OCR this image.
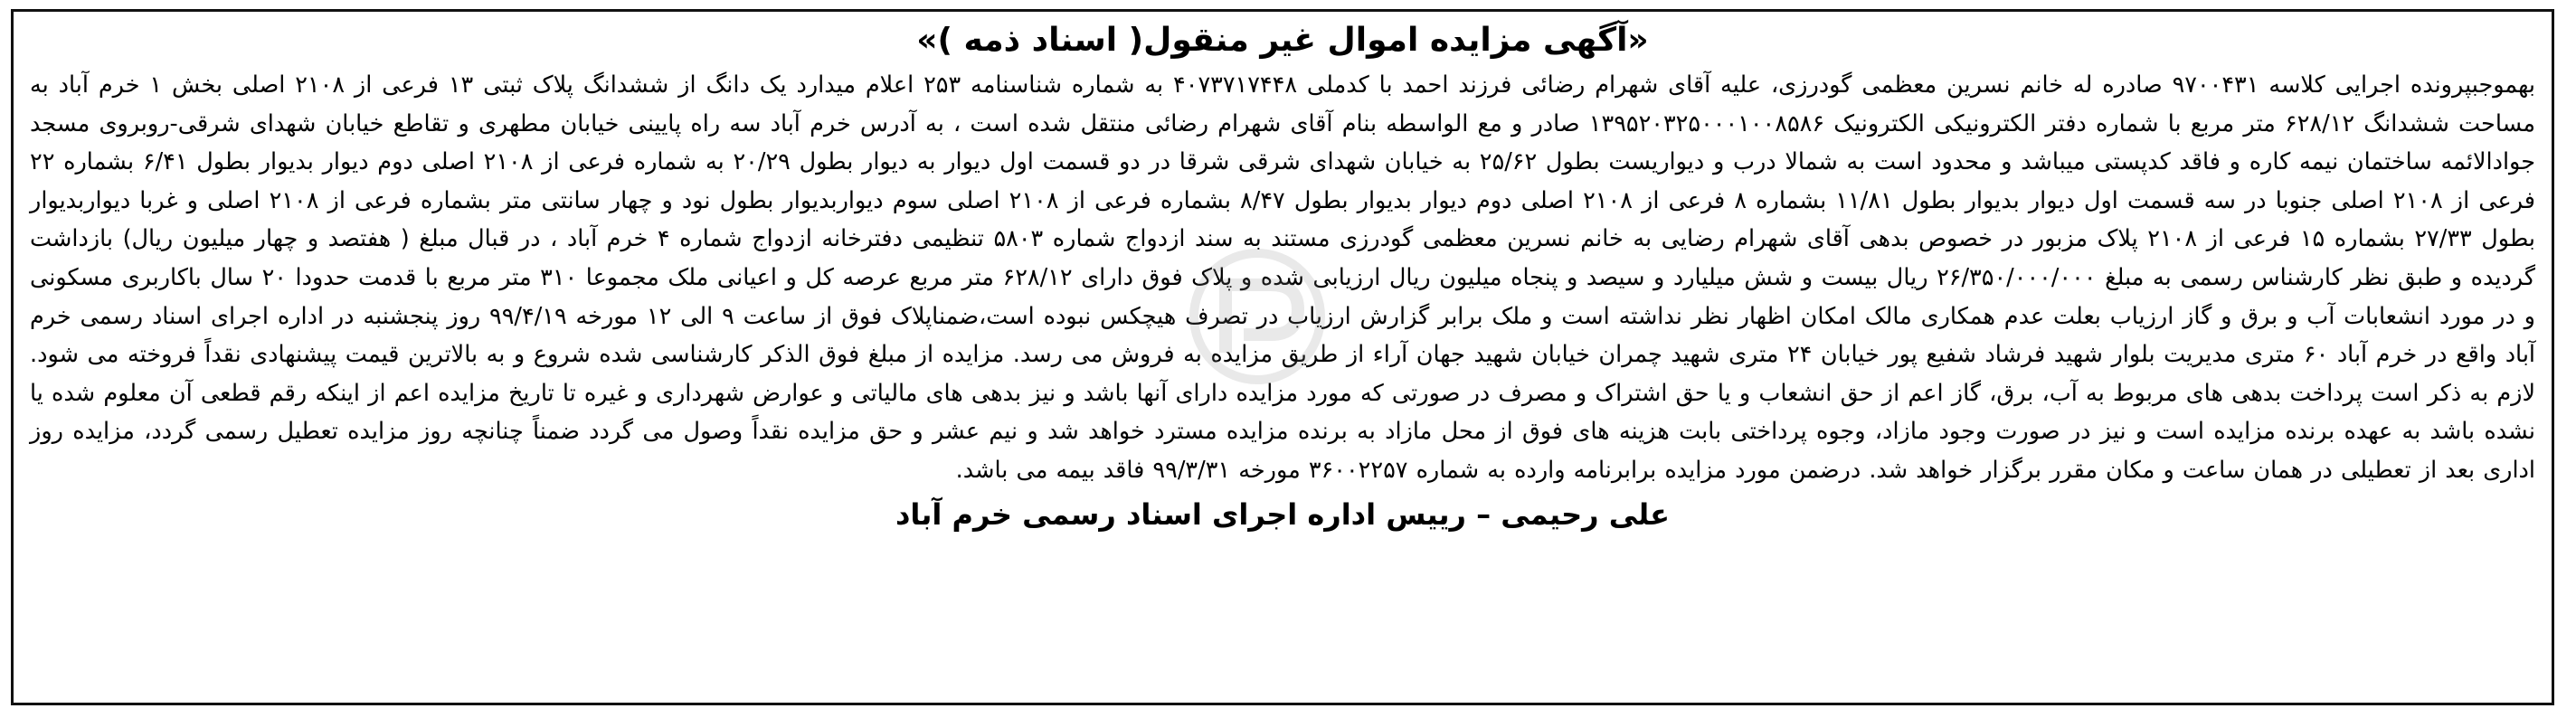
«آگهی مزایده اموال غیر منقول( اسناد ذمه )»

بهموجبپرونده اجرایی کلاسه ۹۷۰۰۴۳۱ صادره له خانم نسرین معظمی گودرزی، علیه آقای شهرام رضائی فرزند احمد با کدملی ۴۰۷۳۷۱۷۴۴۸ به شماره شناسنامه ۲۵۳ اعلام میدارد یک دانگ از ششدانگ پلاک ثبتی ۱۳ فرعی از ۲۱۰۸ اصلی بخش ۱ خرم آباد به مساحت ششدانگ ۶۲۸/۱۲ متر مربع با شماره دفتر الکترونیکی الکترونیک ۱۳۹۵۲۰۳۲۵۰۰۰۱۰۰۸۵۸۶ صادر و مع الواسطه بنام آقای شهرام رضائی منتقل شده است ، به آدرس خرم آباد سه راه پایینی خیابان مطهری و تقاطع خیابان شهدای شرقی-روبروی مسجد جوادالائمه ساختمان نیمه کاره و فاقد کدپستی میباشد و محدود است به شمالا درب و دیواریست بطول ۲۵/۶۲ به خیابان شهدای شرقی شرقا در دو قسمت اول دیوار به دیوار بطول ۲۰/۲۹ به شماره فرعی از ۲۱۰۸ اصلی دوم دیوار بدیوار بطول ۶/۴۱ بشماره ۲۲ فرعی از ۲۱۰۸ اصلی جنوبا در سه قسمت اول دیوار بدیوار بطول ۱۱/۸۱ بشماره ۸ فرعی از ۲۱۰۸ اصلی دوم دیوار بدیوار بطول ۸/۴۷ بشماره فرعی از ۲۱۰۸ اصلی سوم دیواربدیوار بطول نود و چهار سانتی متر بشماره فرعی از ۲۱۰۸ اصلی و غربا دیواربدیوار بطول ۲۷/۳۳ بشماره ۱۵ فرعی از ۲۱۰۸ پلاک مزبور در خصوص بدهی آقای شهرام رضایی به خانم نسرین معظمی گودرزی مستند به سند ازدواج شماره ۵۸۰۳ تنظیمی دفترخانه ازدواج شماره ۴ خرم آباد ، در قبال مبلغ ( هفتصد و چهار میلیون ریال) بازداشت گردیده و طبق نظر کارشناس رسمی به مبلغ ۲۶/۳۵۰/۰۰۰/۰۰۰ ریال بیست و شش میلیارد و سیصد و پنجاه میلیون ریال ارزیابی شده و پلاک فوق دارای ۶۲۸/۱۲ متر مربع عرصه کل و اعیانی ملک مجموعا ۳۱۰ متر مربع با قدمت حدودا ۲۰ سال باکاربری مسکونی و در مورد انشعابات آب و برق و گاز ارزیاب بعلت عدم همکاری مالک امکان اظهار نظر نداشته است و ملک برابر گزارش ارزیاب در تصرف هیچکس نبوده است،ضمناپلاک فوق از ساعت ۹ الی ۱۲ مورخه ۹۹/۴/۱۹ روز پنجشنبه در اداره اجرای اسناد رسمی خرم آباد واقع در خرم آباد ۶۰ متری مدیریت بلوار شهید فرشاد شفیع پور خیابان ۲۴ متری شهید چمران خیابان شهید جهان آراء از طریق مزایده به فروش می رسد. مزایده از مبلغ فوق الذکر کارشناسی شده شروع و به بالاترین قیمت پیشنهادی نقداً فروخته می شود. لازم به ذکر است پرداخت بدهی های مربوط به آب، برق، گاز اعم از حق انشعاب و یا حق اشتراک و مصرف در صورتی که مورد مزایده دارای آنها باشد و نیز بدهی های مالیاتی و عوارض شهرداری و غیره تا تاریخ مزایده اعم از اینکه رقم قطعی آن معلوم شده یا نشده باشد به عهده برنده مزایده است و نیز در صورت وجود مازاد، وجوه پرداختی بابت هزینه های فوق از محل مازاد به برنده مزایده مسترد خواهد شد و نیم عشر و حق مزایده نقداً وصول می گردد ضمناً چنانچه روز مزایده تعطیل رسمی گردد، مزایده روز اداری بعد از تعطیلی در همان ساعت و مکان مقرر برگزار خواهد شد. درضمن مورد مزایده برابرنامه وارده به شماره ۳۶۰۰۲۲۵۷ مورخه ۹۹/۳/۳۱ فاقد بیمه می باشد.

علی رحیمی – رییس اداره اجرای اسناد رسمی خرم آباد
